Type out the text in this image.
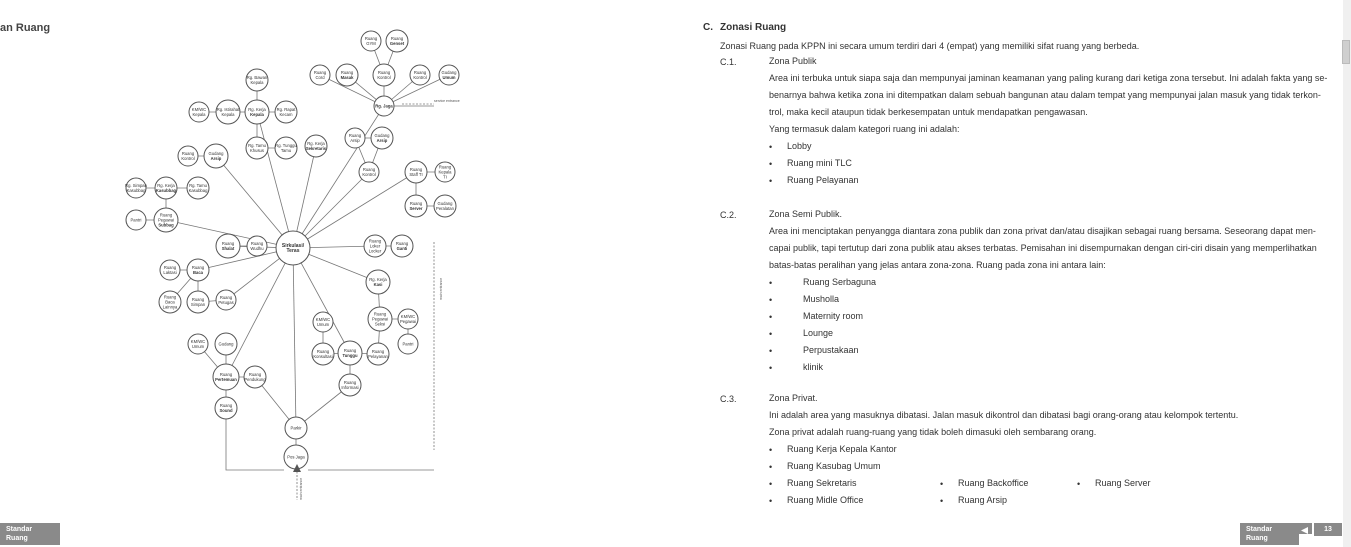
an Ruang
Sirkulasi/
Teras
Ruang
GYM
Ruang
Genset
Ruang
Cord
Ruang
Masak
Ruang
Kontrol
Ruang
Kontrol
Gudang
Umum
Rg. Jaga
Rg. Bawan
Kepala
KM/WC
Kepala
Rg. Istirahat
Kepala
Rg. Kerja
Kepala
Rg. Rapat
Kecam
Rg. Tamu
Khusus
Rg. Tunggu
Tamu
Rg. Kerja
Sekretaris
Ruang
Arsip
Gudang
Arsip
Ruang
Kontrol
Gudang
Arsip
Ruang
Kontrol
Rg. Simpan
Kasubbag
Rg. Kerja
Kasubbag
Rg. Tamu
Kasubbag
Ruang
Staff TI
Ruang
Kepala
TI
Pantri
Ruang
Pegawai
Subbag
Ruang
Server
Gudang
Peralatan
Ruang
Shalat
Ruang
Wudhu
Ruang
Loker
Locker
Ruang
Ganti
Ruang
Laktasi
Ruang
Baca
Rg. Kerja
Kasi
Ruang
Baca
Lainnya
Ruang
Simpan
Ruang
Petugas
KM/WC
Umum
Ruang
Pegawai
Seksi
KM/WC
Pegawai
KM/WC
Umum	Gudang
Ruang
Konsultasi
Ruang
Tunggu
Ruang
Pelayanan
Pantri
Ruang
Pertemuan
Ruang
Pendukung
Ruang
Informasi
Ruang
Sound
Parkir
Pos Jaga
service entrance
main entrance
main entrance
Standar Ruang
C. Zonasi Ruang
Zonasi Ruang pada KPPN ini secara umum terdiri dari 4 (empat) yang memiliki sifat ruang yang berbeda.
C.1.	Zona Publik
Area ini terbuka untuk siapa saja dan mempunyai jaminan keamanan yang paling kurang dari ketiga zona tersebut. Ini adalah fakta yang se-
benarnya bahwa ketika zona ini ditempatkan dalam sebuah bangunan atau dalam tempat yang mempunyai jalan masuk yang tidak terkon-
trol, maka kecil ataupun tidak berkesempatan untuk mendapatkan pengawasan.
Yang termasuk dalam kategori ruang ini adalah:
• Lobby
• Ruang mini TLC
• Ruang Pelayanan
C.2.	Zona Semi Publik.
Area ini menciptakan penyangga diantara zona publik dan zona privat dan/atau disajikan sebagai ruang bersama. Seseorang dapat men-
capai publik, tapi tertutup dari zona publik atau akses terbatas. Pemisahan ini disempurnakan dengan ciri-ciri disain yang memperlihatkan
batas-batas peralihan yang jelas antara zona-zona. Ruang pada zona ini antara lain:
•	Ruang Serbaguna
•	Musholla
•	Maternity room
•	Lounge
•	Perpustakaan
•	klinik
C.3.	Zona Privat.
Ini adalah area yang masuknya dibatasi. Jalan masuk dikontrol dan dibatasi bagi orang-orang atau kelompok tertentu.
Zona privat adalah ruang-ruang yang tidak boleh dimasuki oleh sembarang orang.
• Ruang Kerja Kepala Kantor
• Ruang Kasubag Umum
• Ruang Sekretaris
• Ruang Midle Office
• Ruang Backoffice
• Ruang Arsip
• Ruang Server
Standar Ruang
13
